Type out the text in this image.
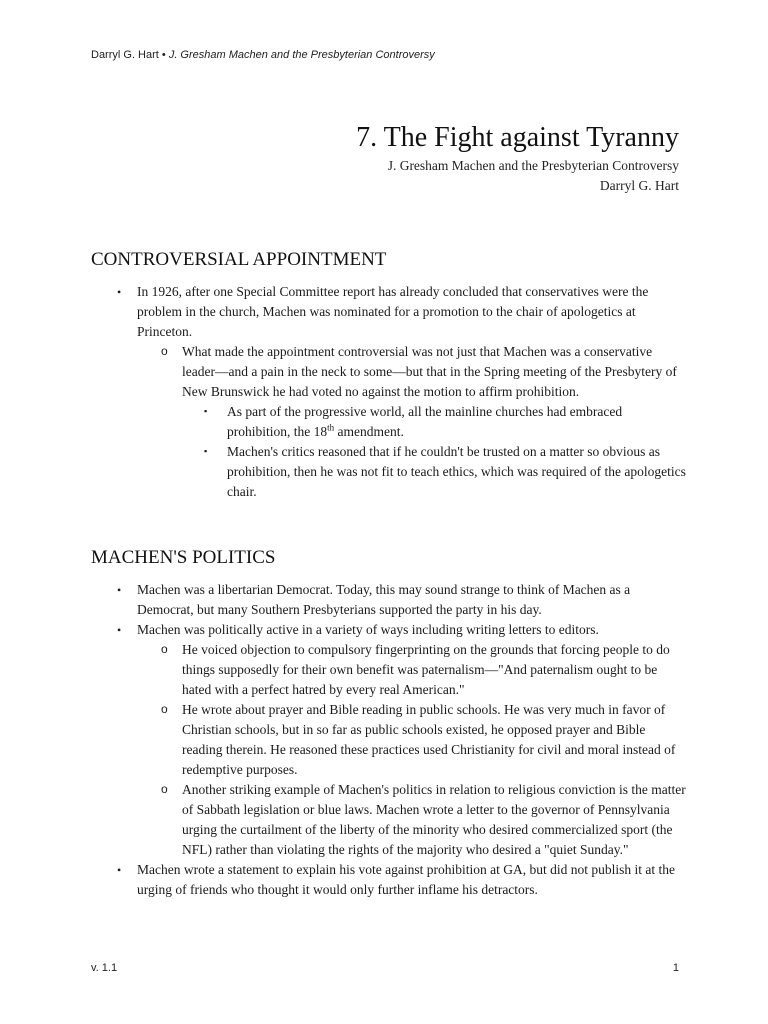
Darryl G. Hart • J. Gresham Machen and the Presbyterian Controversy
7. The Fight against Tyranny
J. Gresham Machen and the Presbyterian Controversy
Darryl G. Hart
CONTROVERSIAL APPOINTMENT
• In 1926, after one Special Committee report has already concluded that conservatives were the problem in the church, Machen was nominated for a promotion to the chair of apologetics at Princeton.
o What made the appointment controversial was not just that Machen was a conservative leader—and a pain in the neck to some—but that in the Spring meeting of the Presbytery of New Brunswick he had voted no against the motion to affirm prohibition.
▪ As part of the progressive world, all the mainline churches had embraced prohibition, the 18th amendment.
▪ Machen's critics reasoned that if he couldn't be trusted on a matter so obvious as prohibition, then he was not fit to teach ethics, which was required of the apologetics chair.
MACHEN'S POLITICS
• Machen was a libertarian Democrat. Today, this may sound strange to think of Machen as a Democrat, but many Southern Presbyterians supported the party in his day.
• Machen was politically active in a variety of ways including writing letters to editors.
o He voiced objection to compulsory fingerprinting on the grounds that forcing people to do things supposedly for their own benefit was paternalism—"And paternalism ought to be hated with a perfect hatred by every real American."
o He wrote about prayer and Bible reading in public schools. He was very much in favor of Christian schools, but in so far as public schools existed, he opposed prayer and Bible reading therein. He reasoned these practices used Christianity for civil and moral instead of redemptive purposes.
o Another striking example of Machen's politics in relation to religious conviction is the matter of Sabbath legislation or blue laws. Machen wrote a letter to the governor of Pennsylvania urging the curtailment of the liberty of the minority who desired commercialized sport (the NFL) rather than violating the rights of the majority who desired a "quiet Sunday."
• Machen wrote a statement to explain his vote against prohibition at GA, but did not publish it at the urging of friends who thought it would only further inflame his detractors.
v. 1.1	1
